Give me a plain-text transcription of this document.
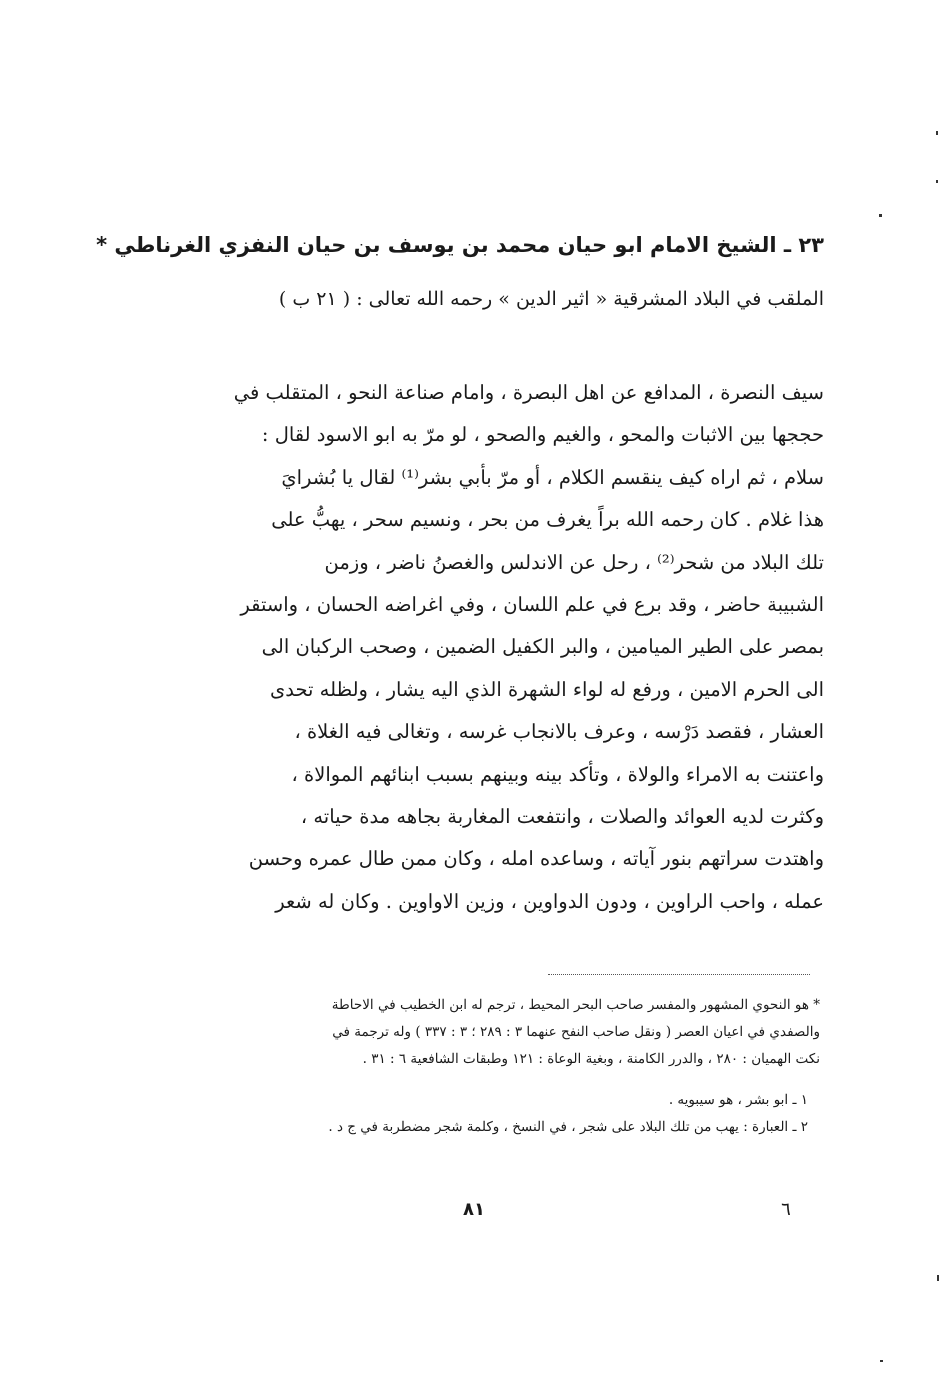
٢٣ ـ الشيخ الامام ابو حيان محمد بن يوسف بن حيان النفزي الغرناطي *
الملقب في البلاد المشرقية « اثير الدين » رحمه الله تعالى : ( ٢١ ب )
سيف النصرة ، المدافع عن اهل البصرة ، وامام صناعة النحو ، المتقلب في
حججها بين الاثبات والمحو ، والغيم والصحو ، لو مرّ به ابو الاسود لقال :
سلام ، ثم اراه كيف ينقسم الكلام ، أو مرّ بأبي بشر⁽¹⁾ لقال يا بُشرايَ
هذا غلام . كان رحمه الله براً يغرف من بحر ، ونسيم سحر ، يهبُّ على
تلك البلاد من شحر⁽²⁾ ، رحل عن الاندلس والغصنُ ناضر ، وزمن
الشبيبة حاضر ، وقد برع في علم اللسان ، وفي اغراضه الحسان ، واستقر
بمصر على الطير الميامين ، والبر الكفيل الضمين ، وصحب الركبان الى
الى الحرم الامين ، ورفع له لواء الشهرة الذي اليه يشار ، ولظله تحدى
العشار ، فقصد دَرْسه ، وعرف بالانجاب غرسه ، وتغالى فيه الغلاة ،
واعتنت به الامراء والولاة ، وتأكد بينه وبينهم بسبب ابنائهم الموالاة ،
وكثرت لديه العوائد والصلات ، وانتفعت المغاربة بجاهه مدة حياته ،
واهتدت سراتهم بنور آياته ، وساعده امله ، وكان ممن طال عمره وحسن
عمله ، واحب الراوين ، ودون الدواوين ، وزين الاواوين . وكان له شعر
* هو النحوي المشهور والمفسر صاحب البحر المحيط ، ترجم له ابن الخطيب في الاحاطة
والصفدي في اعيان العصر ( ونقل صاحب النفح عنهما ٣ : ٢٨٩ ؛ ٣ : ٣٣٧ ) وله ترجمة في
نكت الهميان : ٢٨٠ ، والدرر الكامنة ، وبغية الوعاة : ١٢١ وطبقات الشافعية ٦ : ٣١ .
١ ـ ابو بشر ، هو سيبويه .
٢ ـ العبارة : يهب من تلك البلاد على شجر ، في النسخ ، وكلمة شجر مضطربة في ج د .
٨١	٦
